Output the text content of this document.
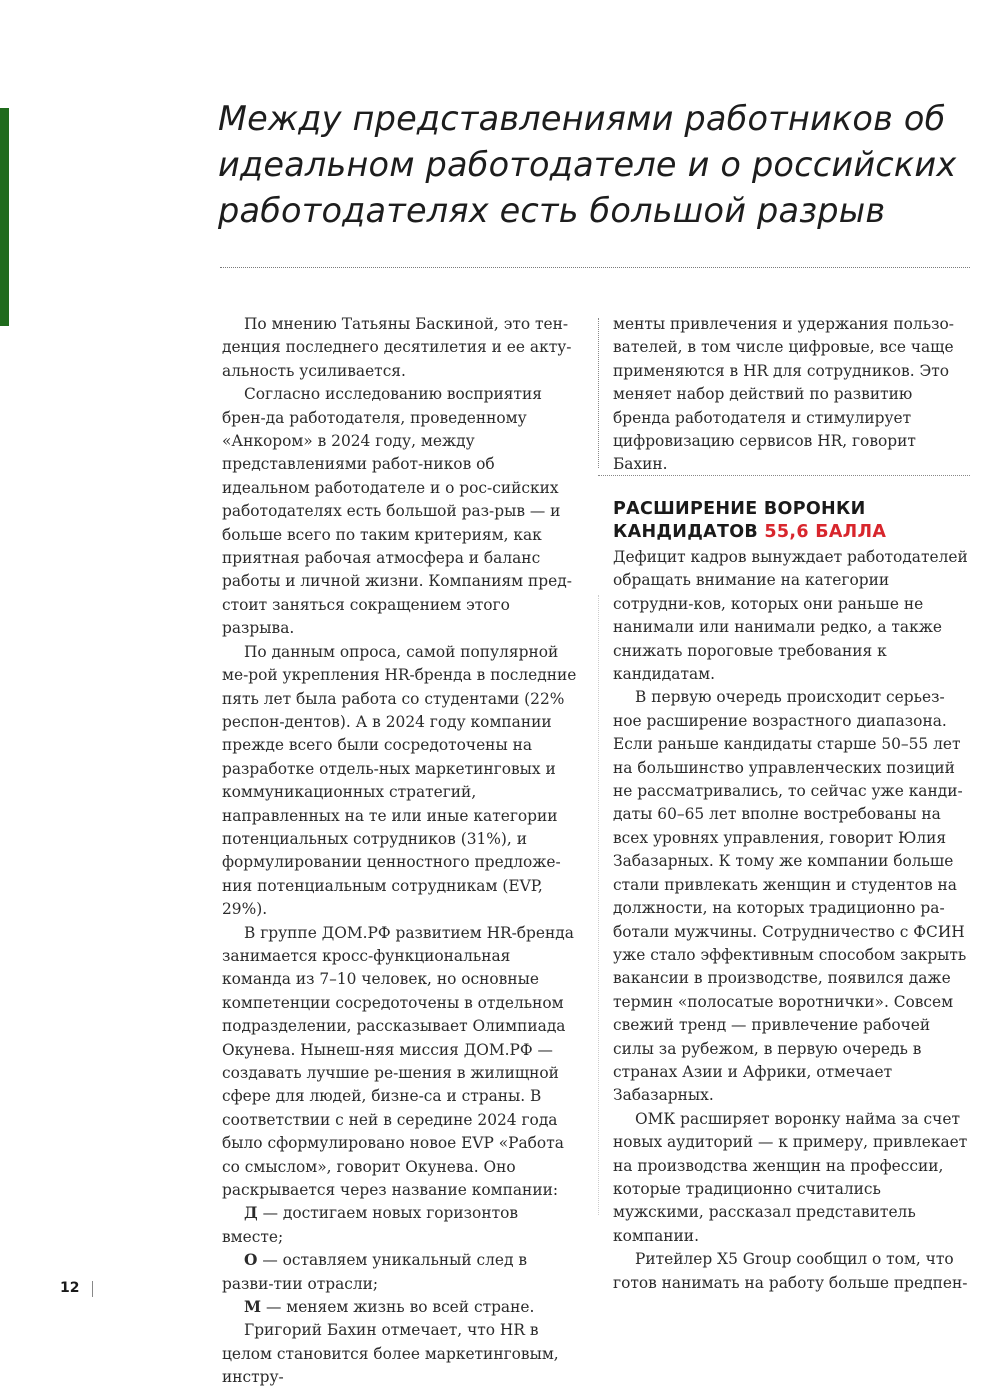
Между представлениями работников об идеальном работодателе и о российских работодателях есть большой разрыв

По мнению Татьяны Баскиной, это тен-денция последнего десятилетия и ее акту-альность усиливается.

Согласно исследованию восприятия брен-да работодателя, проведенному «Анкором» в 2024 году, между представлениями работ-ников об идеальном работодателе и о рос-сийских работодателях есть большой раз-рыв — и больше всего по таким критериям, как приятная рабочая атмосфера и баланс работы и личной жизни. Компаниям пред-стоит заняться сокращением этого разрыва.

По данным опроса, самой популярной ме-рой укрепления HR-бренда в последние пять лет была работа со студентами (22% респон-дентов). А в 2024 году компании прежде всего были сосредоточены на разработке отдель-ных маркетинговых и коммуникационных стратегий, направленных на те или иные категории потенциальных сотрудников (31%), и формулировании ценностного предложе-ния потенциальным сотрудникам (EVP, 29%).

В группе ДОМ.РФ развитием HR-бренда занимается кросс-функциональная команда из 7–10 человек, но основные компетенции сосредоточены в отдельном подразделении, рассказывает Олимпиада Окунева. Нынеш-няя миссия ДОМ.РФ — создавать лучшие ре-шения в жилищной сфере для людей, бизне-са и страны. В соответствии с ней в середине 2024 года было сформулировано новое EVP «Работа со смыслом», говорит Окунева. Оно раскрывается через название компании:

Д — достигаем новых горизонтов вместе;

О — оставляем уникальный след в разви-тии отрасли;

М — меняем жизнь во всей стране.

Григорий Бахин отмечает, что HR в целом становится более маркетинговым, инстру-

менты привлечения и удержания пользо-вателей, в том числе цифровые, все чаще применяются в HR для сотрудников. Это меняет набор действий по развитию бренда работодателя и стимулирует цифровизацию сервисов HR, говорит Бахин.

РАСШИРЕНИЕ ВОРОНКИ КАНДИДАТОВ 55,6 БАЛЛА

Дефицит кадров вынуждает работодателей обращать внимание на категории сотрудни-ков, которых они раньше не нанимали или нанимали редко, а также снижать пороговые требования к кандидатам.

В первую очередь происходит серьез-ное расширение возрастного диапазона. Если раньше кандидаты старше 50–55 лет на большинство управленческих позиций не рассматривались, то сейчас уже канди-даты 60–65 лет вполне востребованы на всех уровнях управления, говорит Юлия Забазарных. К тому же компании больше стали привлекать женщин и студентов на должности, на которых традиционно ра-ботали мужчины. Сотрудничество с ФСИН уже стало эффективным способом закрыть вакансии в производстве, появился даже термин «полосатые воротнички». Совсем свежий тренд — привлечение рабочей силы за рубежом, в первую очередь в странах Азии и Африки, отмечает Забазарных.

ОМК расширяет воронку найма за счет новых аудиторий — к примеру, привлекает на производства женщин на профессии, которые традиционно считались мужскими, рассказал представитель компании.

Ритейлер X5 Group сообщил о том, что готов нанимать на работу больше предпен-

12
